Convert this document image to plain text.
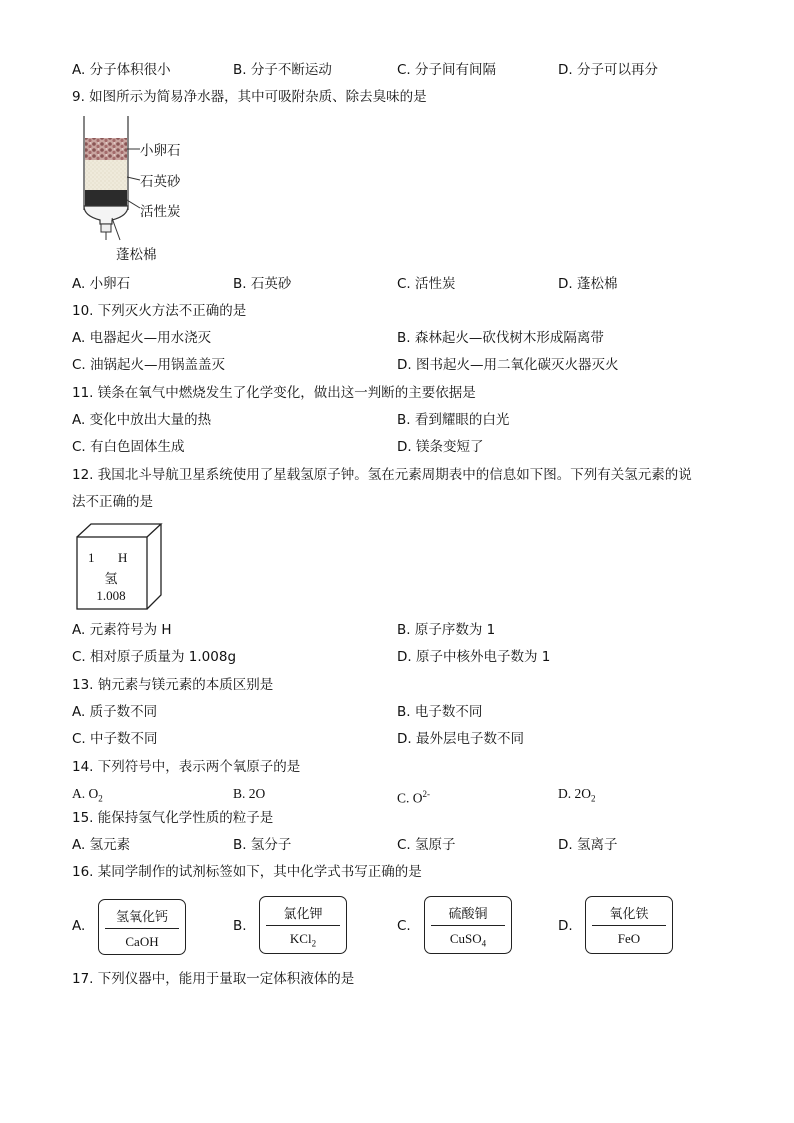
A. 分子体积很小	B. 分子不断运动	C. 分子间有间隔	D. 分子可以再分
9. 如图所示为简易净水器，其中可吸附杂质、除去臭味的是
小卵石
石英砂
活性炭
蓬松棉
A. 小卵石	B. 石英砂	C. 活性炭	D. 蓬松棉
10. 下列灭火方法不正确的是
A. 电器起火—用水浇灭	B. 森林起火—砍伐树木形成隔离带
C. 油锅起火—用锅盖盖灭	D. 图书起火—用二氧化碳灭火器灭火
11. 镁条在氧气中燃烧发生了化学变化，做出这一判断的主要依据是
A. 变化中放出大量的热	B. 看到耀眼的白光
C. 有白色固体生成	D. 镁条变短了
12. 我国北斗导航卫星系统使用了星载氢原子钟。氢在元素周期表中的信息如下图。下列有关氢元素的说
法不正确的是
1 H
氢
1.008
A. 元素符号为 H	B. 原子序数为 1
C. 相对原子质量为 1.008g	D. 原子中核外电子数为 1
13. 钠元素与镁元素的本质区别是
A. 质子数不同	B. 电子数不同
C. 中子数不同	D. 最外层电子数不同
14. 下列符号中，表示两个氧原子的是
A. $O_2$	B. 2O	C. $O^{2-}$	D. $2O_2$
15. 能保持氢气化学性质的粒子是
A. 氢元素	B. 氢分子	C. 氢原子	D. 氢离子
16. 某同学制作的试剂标签如下，其中化学式书写正确的是
A.
氢氧化钙
CaOH
B.
氯化钾
KCl$_2$
C.
硫酸铜
CuSO$_4$
D.
氧化铁
FeO
17. 下列仪器中，能用于量取一定体积液体的是
